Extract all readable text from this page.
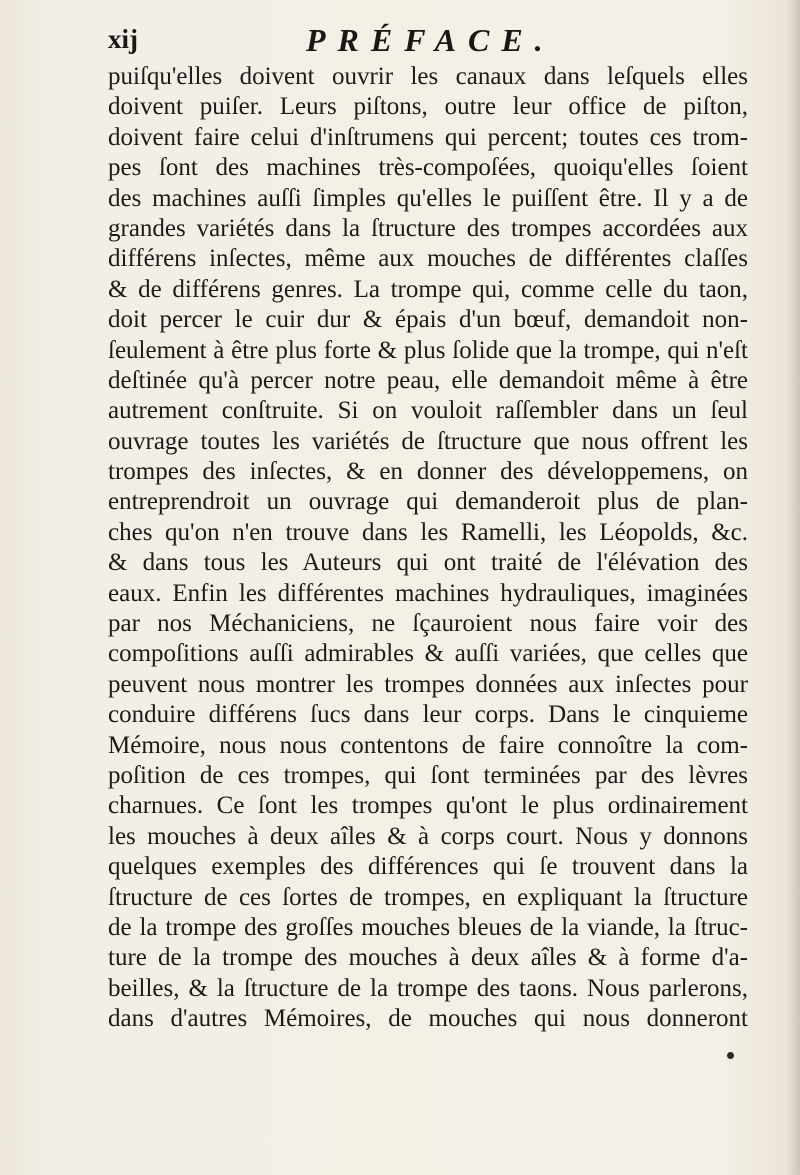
xij	PRÉFACE.
puiſqu'elles doivent ouvrir les canaux dans leſquels elles
doivent puiſer. Leurs piſtons, outre leur office de piſton,
doivent faire celui d'inſtrumens qui percent; toutes ces trom-
pes ſont des machines très-compoſées, quoiqu'elles ſoient
des machines auſſi ſimples qu'elles le puiſſent être. Il y a de
grandes variétés dans la ſtructure des trompes accordées aux
différens inſectes, même aux mouches de différentes claſſes
& de différens genres. La trompe qui, comme celle du taon,
doit percer le cuir dur & épais d'un bœuf, demandoit non-
ſeulement à être plus forte & plus ſolide que la trompe, qui n'eſt
deſtinée qu'à percer notre peau, elle demandoit même à être
autrement conſtruite. Si on vouloit raſſembler dans un ſeul
ouvrage toutes les variétés de ſtructure que nous offrent les
trompes des inſectes, & en donner des développemens, on
entreprendroit un ouvrage qui demanderoit plus de plan-
ches qu'on n'en trouve dans les Ramelli, les Léopolds, &c.
& dans tous les Auteurs qui ont traité de l'élévation des
eaux. Enfin les différentes machines hydrauliques, imaginées
par nos Méchaniciens, ne ſçauroient nous faire voir des
compoſitions auſſi admirables & auſſi variées, que celles que
peuvent nous montrer les trompes données aux inſectes pour
conduire différens ſucs dans leur corps. Dans le cinquieme
Mémoire, nous nous contentons de faire connoître la com-
poſition de ces trompes, qui ſont terminées par des lèvres
charnues. Ce ſont les trompes qu'ont le plus ordinairement
les mouches à deux aîles & à corps court. Nous y donnons
quelques exemples des différences qui ſe trouvent dans la
ſtructure de ces ſortes de trompes, en expliquant la ſtructure
de la trompe des groſſes mouches bleues de la viande, la ſtruc-
ture de la trompe des mouches à deux aîles & à forme d'a-
beilles, & la ſtructure de la trompe des taons. Nous parlerons,
dans d'autres Mémoires, de mouches qui nous donneront
